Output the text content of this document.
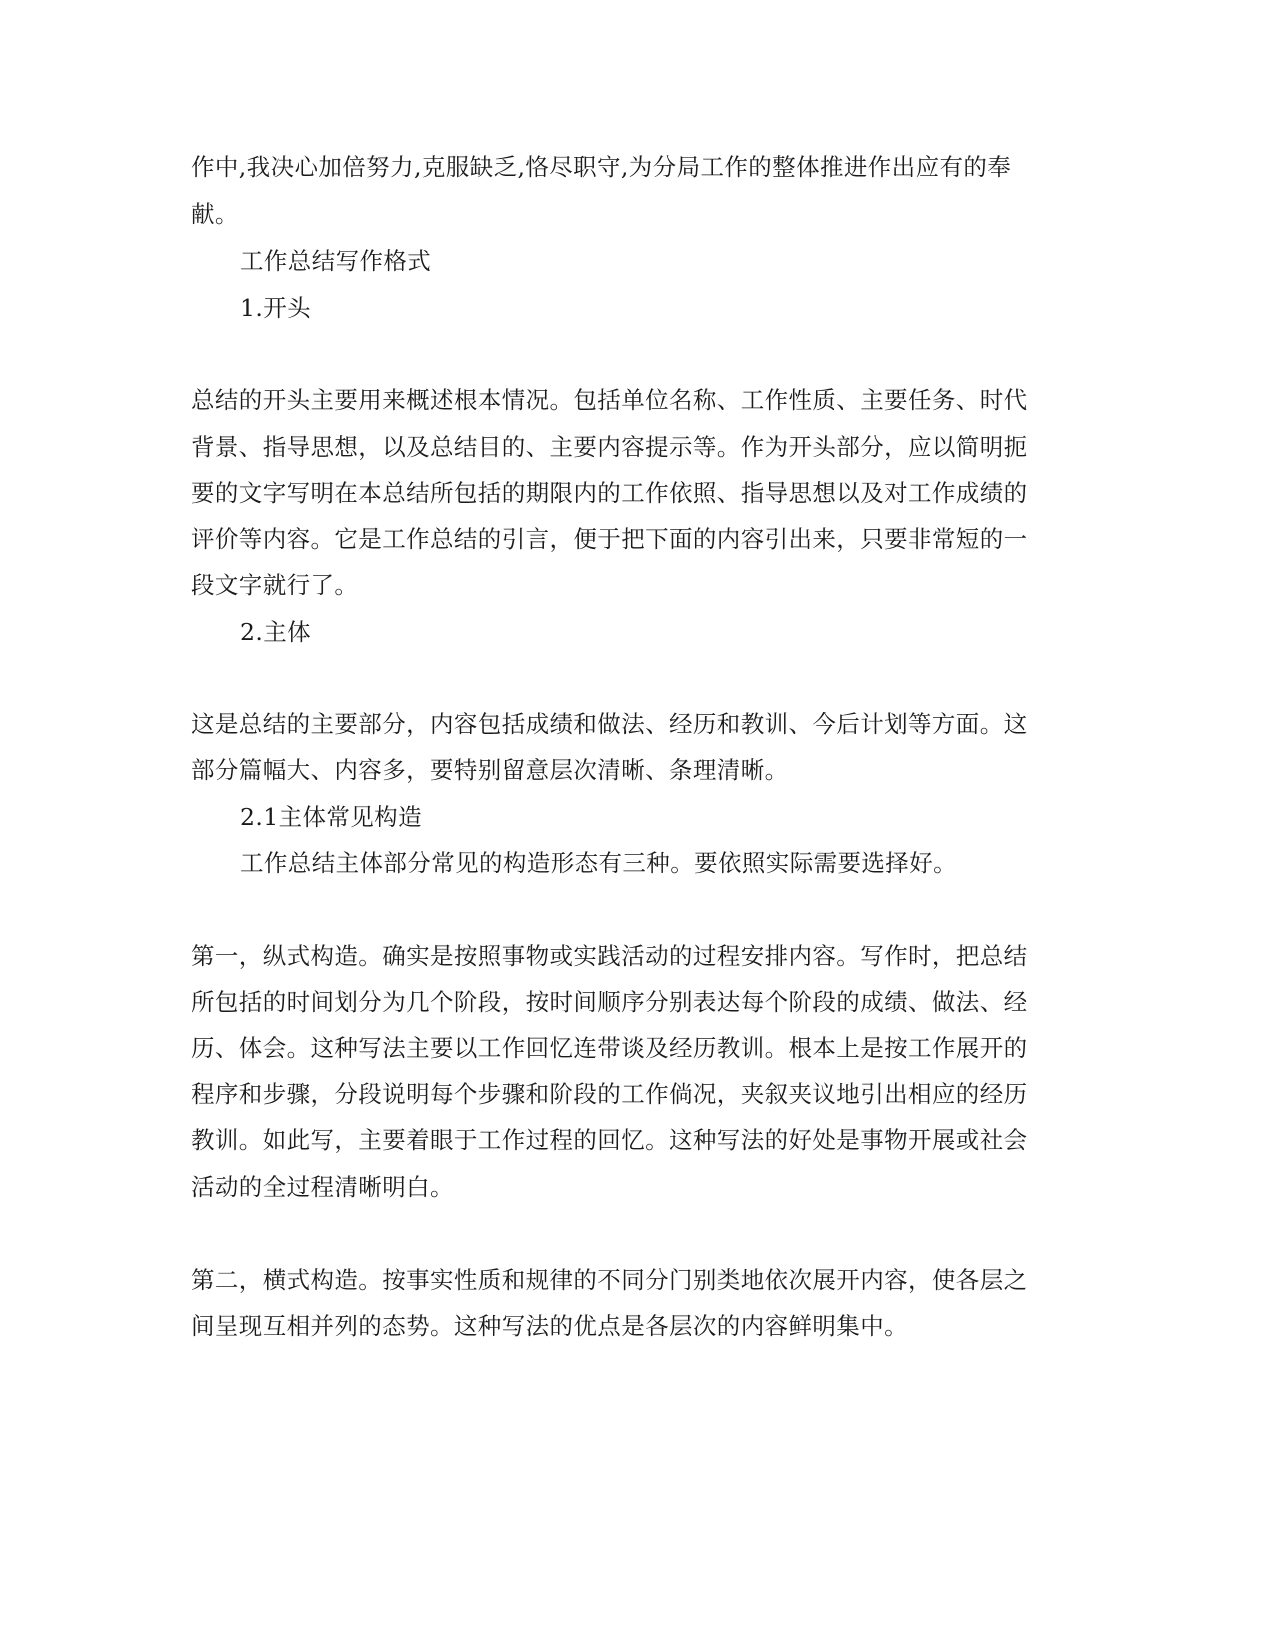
作中,我决心加倍努力,克服缺乏,恪尽职守,为分局工作的整体推进作出应有的奉
献。
工作总结写作格式
1.开头
总结的开头主要用来概述根本情况。包括单位名称、工作性质、主要任务、时代
背景、指导思想，以及总结目的、主要内容提示等。作为开头部分，应以简明扼
要的文字写明在本总结所包括的期限内的工作依照、指导思想以及对工作成绩的
评价等内容。它是工作总结的引言，便于把下面的内容引出来，只要非常短的一
段文字就行了。
2.主体
这是总结的主要部分，内容包括成绩和做法、经历和教训、今后计划等方面。这
部分篇幅大、内容多，要特别留意层次清晰、条理清晰。
2.1主体常见构造
工作总结主体部分常见的构造形态有三种。要依照实际需要选择好。
第一，纵式构造。确实是按照事物或实践活动的过程安排内容。写作时，把总结
所包括的时间划分为几个阶段，按时间顺序分别表达每个阶段的成绩、做法、经
历、体会。这种写法主要以工作回忆连带谈及经历教训。根本上是按工作展开的
程序和步骤，分段说明每个步骤和阶段的工作倘况，夹叙夹议地引出相应的经历
教训。如此写，主要着眼于工作过程的回忆。这种写法的好处是事物开展或社会
活动的全过程清晰明白。
第二，横式构造。按事实性质和规律的不同分门别类地依次展开内容，使各层之
间呈现互相并列的态势。这种写法的优点是各层次的内容鲜明集中。
